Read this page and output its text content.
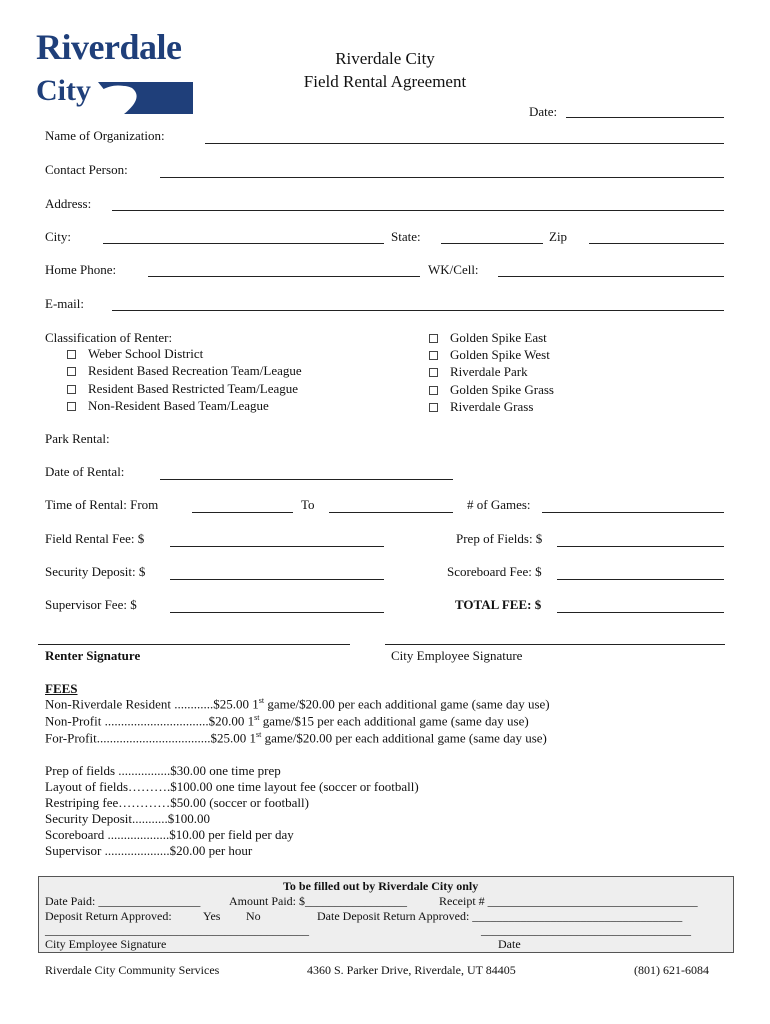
Riverdale
City
Riverdale City
Field Rental Agreement
Date:
Name of Organization:
Contact Person:
Address:
City:	State:	Zip
Home Phone:	WK/Cell:
E-mail:
Classification of Renter:
Weber School District
Resident Based Recreation Team/League
Resident Based Restricted Team/League
Non-Resident Based Team/League
Golden Spike East
Golden Spike West
Riverdale Park
Golden Spike Grass
Riverdale Grass
Park Rental:
Date of Rental:
Time of Rental: From	To	# of Games:
Field Rental Fee: $	Prep of Fields: $
Security Deposit: $	Scoreboard Fee: $
Supervisor Fee: $	TOTAL FEE: $
Renter Signature	City Employee Signature
FEES
Non-Riverdale Resident ............$25.00 1st game/$20.00 per each additional game (same day use)
Non-Profit ................................$20.00 1st game/$15 per each additional game (same day use)
For-Profit...................................$25.00 1st game/$20.00 per each additional game (same day use)
Prep of fields ................$30.00 one time prep
Layout of fields……….$100.00 one time layout fee (soccer or football)
Restriping fee…………$50.00 (soccer or football)
Security Deposit...........$100.00
Scoreboard ...................$10.00 per field per day
Supervisor ....................$20.00 per hour
To be filled out by Riverdale City only
Date Paid: _________________ Amount Paid: $_________________	Receipt # ___________________________________
Deposit Return Approved:	Yes No	Date Deposit Return Approved: ___________________________________
____________________________________________	___________________________________
City Employee Signature	Date
Riverdale City Community Services	4360 S. Parker Drive, Riverdale, UT 84405	(801) 621-6084
